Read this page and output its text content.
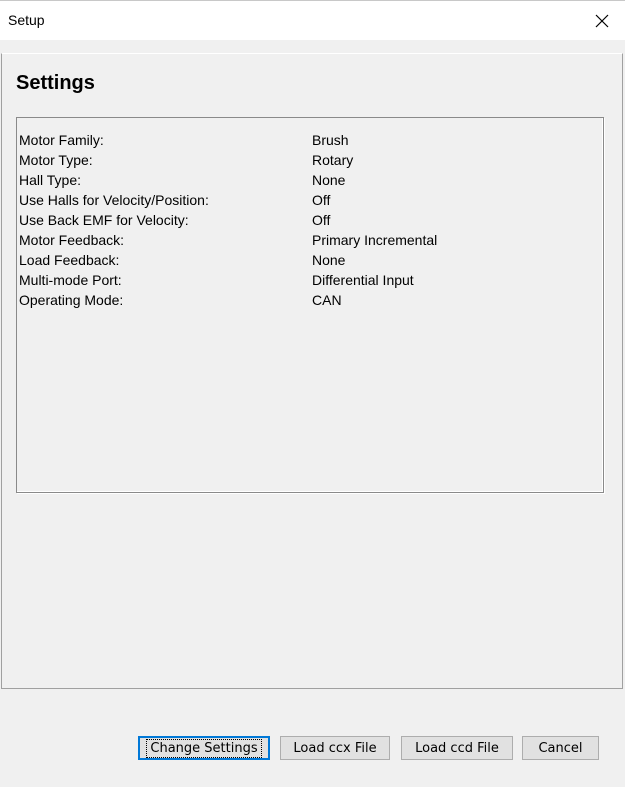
Setup
Settings
Motor Family:	Brush
Motor Type:	Rotary
Hall Type:	None
Use Halls for Velocity/Position:	Off
Use Back EMF for Velocity:	Off
Motor Feedback:	Primary Incremental
Load Feedback:	None
Multi-mode Port:	Differential Input
Operating Mode:	CAN
Change Settings	Load ccx File	Load ccd File	Cancel
